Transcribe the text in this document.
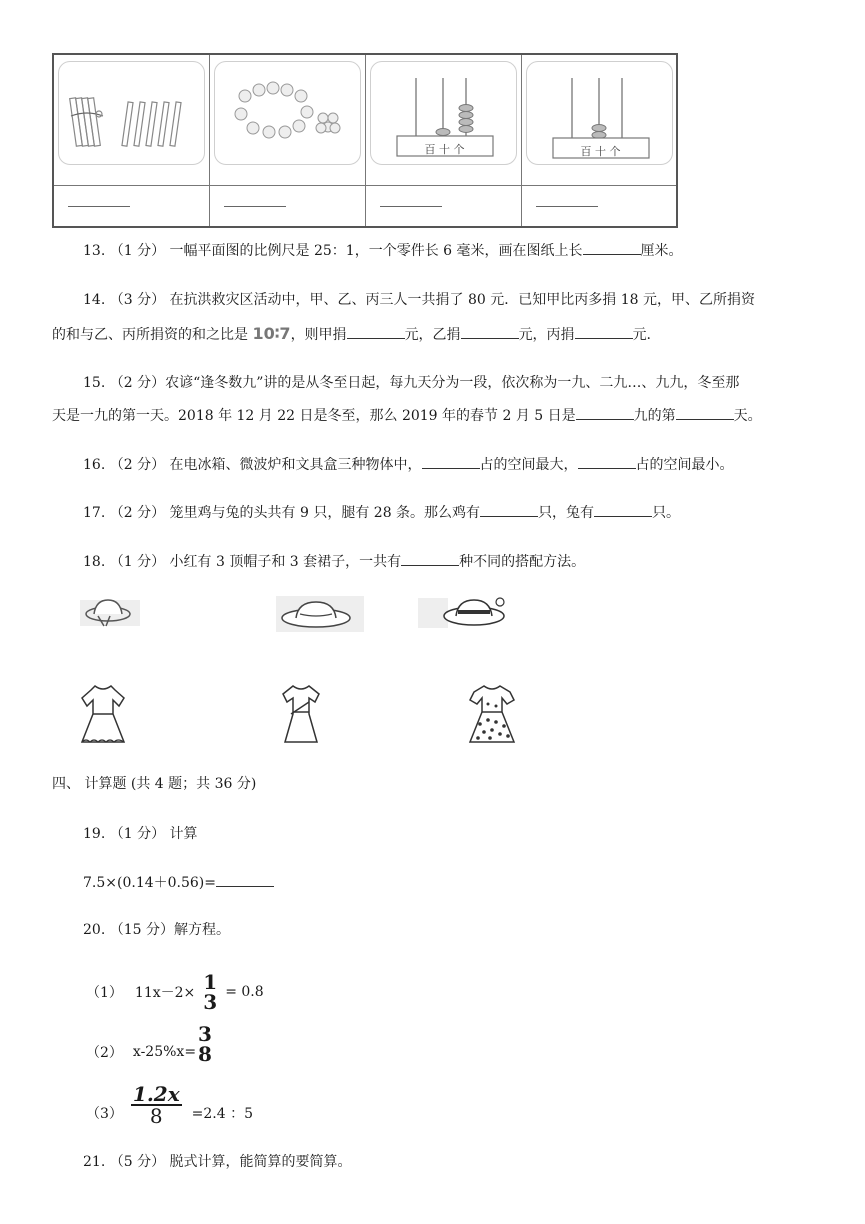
百 十 个	百 十 个
13. （1 分） 一幅平面图的比例尺是 25：1，一个零件长 6 毫米，画在图纸上长	厘米。
14. （3 分） 在抗洪救灾区活动中，甲、乙、丙三人一共捐了 80 元．已知甲比丙多捐 18 元，甲、乙所捐资
的和与乙、丙所捐资的和之比是 10∶7，则甲捐	元，乙捐	元，丙捐	元.
15. （2 分）农谚“逢冬数九”讲的是从冬至日起，每九天分为一段，依次称为一九、二九…、九九，冬至那
天是一九的第一天。2018 年 12 月 22 日是冬至，那么 2019 年的春节 2 月 5 日是	九的第	天。
16. （2 分） 在电冰箱、微波炉和文具盒三种物体中，	占的空间最大，	占的空间最小。
17. （2 分） 笼里鸡与兔的头共有 9 只，腿有 28 条。那么鸡有	只，兔有	只。
18. （1 分） 小红有 3 顶帽子和 3 套裙子，一共有	种不同的搭配方法。
四、 计算题 (共 4 题；共 36 分)
19. （1 分） 计算
7.5×(0.14＋0.56)=
20. （15 分）解方程。
（1） 11x－2× 1
3 = 0.8
（2） x-25%x=
3
8
$(3) \frac{1.2x}{8} =2.4$ ：5
21. （5 分） 脱式计算，能简算的要简算。
